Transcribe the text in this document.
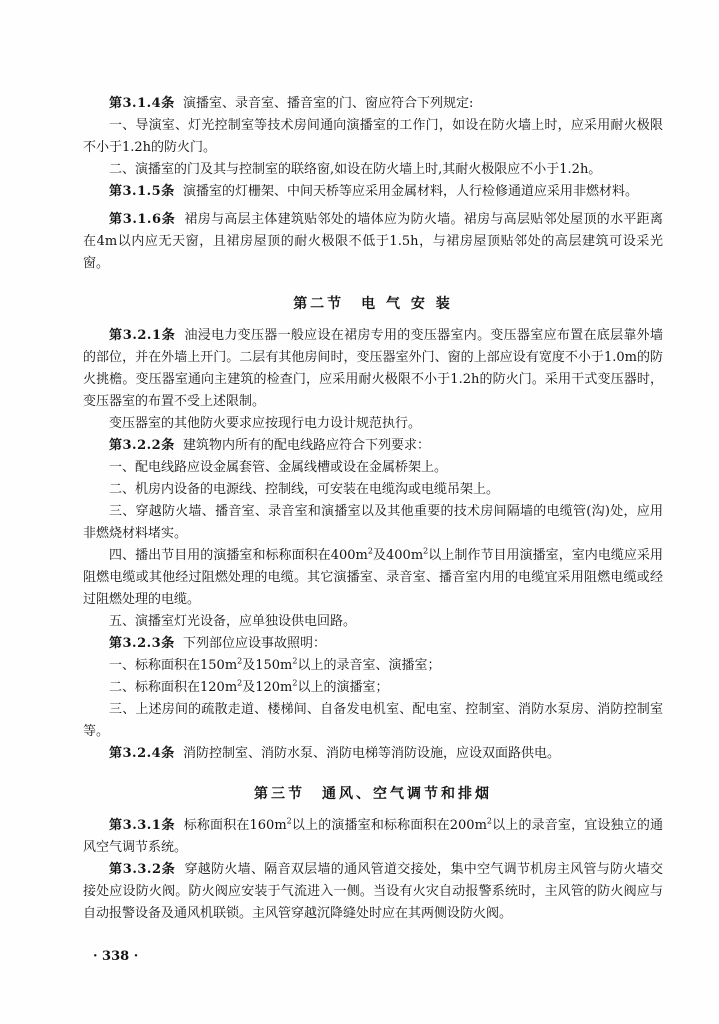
第3.1.4条 演播室、录音室、播音室的门、窗应符合下列规定:

一、导演室、灯光控制室等技术房间通向演播室的工作门，如设在防火墙上时，应采用耐火极限不小于1.2h的防火门。

二、演播室的门及其与控制室的联络窗,如设在防火墙上时,其耐火极限应不小于1.2h。

第3.1.5条 演播室的灯栅架、中间天桥等应采用金属材料，人行检修通道应采用非燃材料。

第3.1.6条 裙房与高层主体建筑贴邻处的墙体应为防火墙。裙房与高层贴邻处屋顶的水平距离在4m以内应无天窗，且裙房屋顶的耐火极限不低于1.5h，与裙房屋顶贴邻处的高层建筑可设采光窗。

第二节　电 气 安 装

第3.2.1条 油浸电力变压器一般应设在裙房专用的变压器室内。变压器室应布置在底层靠外墙的部位，并在外墙上开门。二层有其他房间时，变压器室外门、窗的上部应设有宽度不小于1.0m的防火挑檐。变压器室通向主建筑的检查门，应采用耐火极限不小于1.2h的防火门。采用干式变压器时，变压器室的布置不受上述限制。

变压器室的其他防火要求应按现行电力设计规范执行。

第3.2.2条 建筑物内所有的配电线路应符合下列要求：

一、配电线路应设金属套管、金属线槽或设在金属桥架上。

二、机房内设备的电源线、控制线，可安装在电缆沟或电缆吊架上。

三、穿越防火墙、播音室、录音室和演播室以及其他重要的技术房间隔墙的电缆管(沟)处，应用非燃烧材料堵实。

四、播出节目用的演播室和标称面积在$400m^2$及$400m^2$以上制作节目用演播室，室内电缆应采用阻燃电缆或其他经过阻燃处理的电缆。其它演播室、录音室、播音室内用的电缆宜采用阻燃电缆或经过阻燃处理的电缆。

五、演播室灯光设备，应单独设供电回路。

第3.2.3条 下列部位应设事故照明：

一、标称面积在$150m^2$及$150m^2$以上的录音室、演播室；

二、标称面积在$120m^2$及$120m^2$以上的演播室；

三、上述房间的疏散走道、楼梯间、自备发电机室、配电室、控制室、消防水泵房、消防控制室等。

第3.2.4条 消防控制室、消防水泵、消防电梯等消防设施，应设双面路供电。

第三节　通风、空气调节和排烟

第3.3.1条 标称面积在$160m^2$以上的演播室和标称面积在$200m^2$以上的录音室，宜设独立的通风空气调节系统。

第3.3.2条 穿越防火墙、隔音双层墙的通风管道交接处，集中空气调节机房主风管与防火墙交接处应设防火阀。防火阀应安装于气流进入一侧。当设有火灾自动报警系统时，主风管的防火阀应与自动报警设备及通风机联锁。主风管穿越沉降缝处时应在其两侧设防火阀。

· 338 ·
